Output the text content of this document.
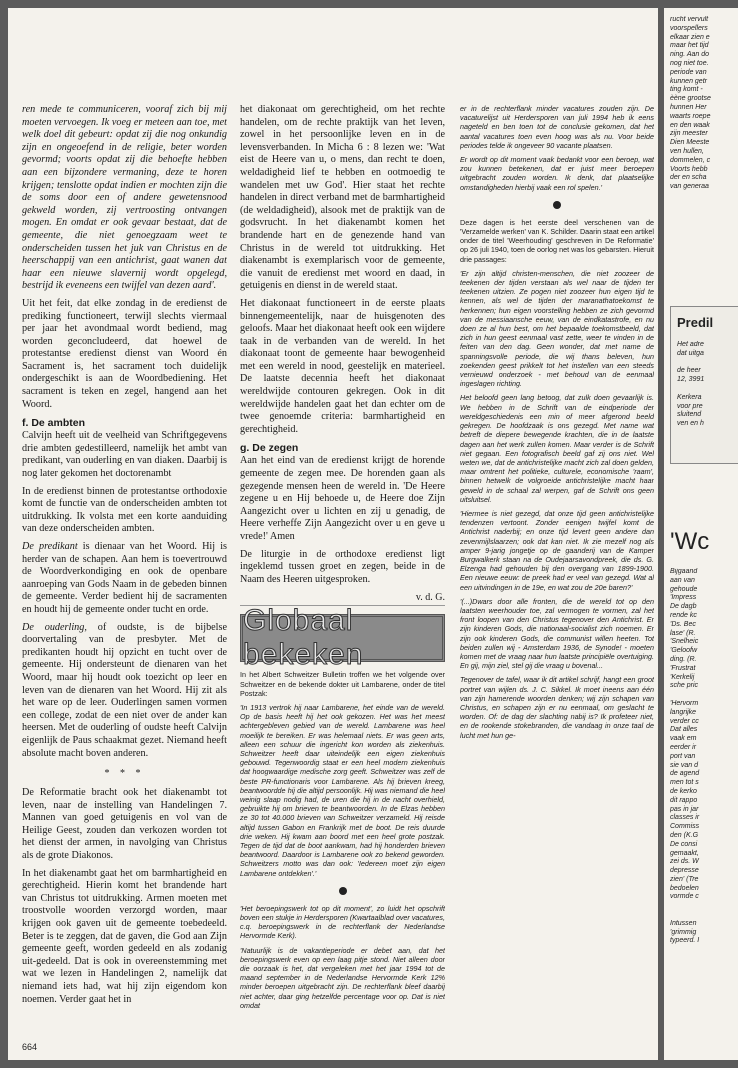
ren mede te communiceren, vooraf zich bij mij moeten vervoegen. Ik voeg er meteen aan toe, met welk doel dit gebeurt: opdat zij die nog onkundig zijn en ongeoefend in de religie, beter worden gevormd; voorts opdat zij die behoefte hebben aan een bijzondere vermaning, deze te horen krijgen; tenslotte opdat indien er mochten zijn die de soms door een of andere gewetensnood gekweld worden, zij vertroosting ontvangen mogen. En omdat er ook gevaar bestaat, dat de gemeente, die niet genoegzaam weet te onderscheiden tussen het juk van Christus en de heerschappij van een antichrist, gaat wanen dat haar een nieuwe slavernij wordt opgelegd, bestrijd ik eveneens een twijfel van dezen aard'.

Uit het feit, dat elke zondag in de eredienst de prediking functioneert, terwijl slechts viermaal per jaar het avondmaal wordt bediend, mag worden geconcludeerd, dat hoewel de protestantse eredienst dienst van Woord én Sacrament is, het sacrament toch duidelijk ondergeschikt is aan de Woordbediening. Het sacrament is teken en zegel, hangend aan het Woord.

f. De ambten

Calvijn heeft uit de veelheid van Schriftgegevens drie ambten gedestilleerd, namelijk het ambt van predikant, van ouderling en van diaken. Daarbij is nog later gekomen het doctorenambt

In de eredienst binnen de protestantse orthodoxie komt de functie van de onderscheiden ambten tot uitdrukking. Ik volsta met een korte aanduiding van deze onderscheiden ambten.

De predikant is dienaar van het Woord. Hij is herder van de schapen. Aan hem is toevertrouwd de Woordverkondiging en ook de openbare aanroeping van Gods Naam in de gebeden binnen de gemeente. Verder bedient hij de sacramenten en houdt hij de gemeente onder tucht en orde.

De ouderling, of oudste, is de bijbelse doorvertaling van de presbyter. Met de predikanten houdt hij opzicht en tucht over de gemeente. Hij ondersteunt de dienaren van het Woord, maar hij houdt ook toezicht op leer en leven van de dienaren van het Woord. Hij zit als het ware op de leer. Ouderlingen samen vormen een college, zodat de een niet over de ander kan heersen. Met de ouderling of oudste heeft Calvijn eigenlijk de Paus schaakmat gezet. Niemand heeft absolute macht boven anderen.

* * *

De Reformatie bracht ook het diakenambt tot leven, naar de instelling van Handelingen 7. Mannen van goed getuigenis en vol van de Heilige Geest, zouden dan verkozen worden tot het dienst der armen, in navolging van Christus als de grote Diakonos.

In het diakenambt gaat het om barmhartigheid en gerechtigheid. Hierin komt het brandende hart van Christus tot uitdrukking. Armen moeten met troostvolle woorden verzorgd worden, maar krijgen ook gaven uit de gemeente toebedeeld. Beter is te zeggen, dat de gaven, die God aan Zijn gemeente geeft, worden gedeeld en als zodanig uit-gedeeld. Dat is ook in overeenstemming met wat we lezen in Handelingen 2, namelijk dat niemand iets had, wat hij zijn eigendom kon noemen. Verder gaat het in

het diakonaat om gerechtigheid, om het rechte handelen, om de rechte praktijk van het leven, zowel in het persoonlijke leven en in de levensverbanden. In Micha 6 : 8 lezen we: 'Wat eist de Heere van u, o mens, dan recht te doen, weldadigheid lief te hebben en ootmoedig te wandelen met uw God'. Hier staat het rechte handelen in direct verband met de barmhartigheid (de weldadigheid), alsook met de praktijk van de godsvrucht. In het diakenambt komen het brandende hart en de genezende hand van Christus in de wereld tot uitdrukking. Het diakenambt is exemplarisch voor de gemeente, die vanuit de eredienst met woord en daad, in getuigenis en dienst in de wereld staat.

Het diakonaat functioneert in de eerste plaats binnengemeentelijk, naar de huisgenoten des geloofs. Maar het diakonaat heeft ook een wijdere taak in de verbanden van de wereld. In het diakonaat toont de gemeente haar bewogenheid met een wereld in nood, geestelijk en materieel. De laatste decennia heeft het diakonaat wereldwijde contouren gekregen. Ook in dit wereldwijde handelen gaat het dan echter om de twee genoemde criteria: barmhartigheid en gerechtigheid.

g. De zegen

Aan het eind van de eredienst krijgt de horende gemeente de zegen mee. De horenden gaan als gezegende mensen heen de wereld in. 'De Heere zegene u en Hij behoede u, de Heere doe Zijn Aangezicht over u lichten en zij u genadig, de Heere verheffe Zijn Aangezicht over u en geve u vrede!' Amen

De liturgie in de orthodoxe eredienst ligt ingeklemd tussen groet en zegen, beide in de Naam des Heeren uitgesproken.

v. d. G.
Globaal bekeken

In het Albert Schweitzer Bulletin troffen we het volgende over Schweitzer en de bekende dokter uit Lambarene, onder de titel Postzak:

'In 1913 vertrok hij naar Lambarene, het einde van de wereld. Op de basis heeft hij het ook gekozen. Het was het meest achtergebleven gebied van de wereld. Lambarene was heel moeilijk te bereiken. Er was helemaal niets. Er was geen arts, alleen een schuur die ingericht kon worden als ziekenhuis. Schweitzer heeft daar uiteindelijk een eigen ziekenhuis gebouwd. Tegenwoordig staat er een heel modern ziekenhuis dat hoogwaardige medische zorg geeft. Schweitzer was zelf de beste PR-functionaris voor Lambarene. Als hij brieven kreeg, beantwoordde hij die altijd persoonlijk. Hij was niemand die heel weinig slaap nodig had, de uren die hij in de nacht overhield, gebruikte hij om brieven te beantwoorden. In de Elzas hebben ze 30 tot 40.000 brieven van Schweitzer verzameld. Hij reisde altijd tussen Gabon en Frankrijk met de boot. De reis duurde drie weken. Hij kwam aan boord met een heel grote postzak. Tegen de tijd dat de boot aankwam, had hij honderden brieven beantwoord. Daardoor is Lambarene ook zo bekend geworden. Schweitzers motto was dan ook: 'Iedereen moet zijn eigen Lambarene ontdekken'.'

'Het beroepingswerk tot op dit moment', zo luidt het opschrift boven een stukje in Herdersporen (Kwartaalblad over vacatures, c.q. beroepingswerk in de rechterflank der Nederlandse Hervormde Kerk).

'Natuurlijk is de vakantieperiode er debet aan, dat het beroepingswerk even op een laag pitje stond. Niet alleen door die oorzaak is het, dat vergeleken met het jaar 1994 tot de maand september in de Nederlandse Hervormde Kerk 12% minder beroepen uitgebracht zijn. De rechterflank bleef daarbij niet achter, daar ging hetzelfde percentage voor op. Dat is niet omdat

er in de rechterflank minder vacatures zouden zijn. De vacaturelijst uit Herdersporen van juli 1994 heb ik eens nageteld en ben toen tot de conclusie gekomen, dat het aantal vacatures toen even hoog was als nu. Voor beide periodes telde ik ongeveer 90 vacante plaatsen.

Er wordt op dit moment vaak bedankt voor een beroep, wat zou kunnen betekenen, dat er juist meer beroepen uitgebracht zouden worden. Ik denk, dat plaatselijke omstandigheden hierbij vaak een rol spelen.'

Deze dagen is het eerste deel verschenen van de 'Verzamelde werken' van K. Schilder. Daarin staat een artikel onder de titel 'Weerhouding' geschreven in De Reformatie' op 26 juli 1940, toen de oorlog net was los gebarsten. Hieruit drie passages:

'Er zijn altijd christen-menschen, die niet zoozeer de teekenen der tijden verstaan als wel naar de tijden ter teekenen uitzien. Ze pogen niet zoozeer hun eigen tijd te kennen, als wel de tijden der maranathatoekomst te herkennen; hun eigen voorstelling hebben ze zich gevormd van de messiaansche eeuw, van de eindkatastrofe, en nu doen ze al hun best, om het bepaalde toekomstbeeld, dat zich in hun geest eenmaal vast zette, weer te vinden in de feiten van den dag. Geen wonder, dat met name de spanningsvolle periode, die wij thans beleven, hun zoekenden geest prikkelt tot het instellen van een steeds vernieuwd onderzoek - met behoud van de eenmaal ingeslagen richting.

Het beloofd geen lang betoog, dat zulk doen gevaarlijk is. We hebben in de Schrift van de eindperiode der wereldgeschiedenis een min of meer afgerond beeld gekregen. De hoofdzaak is ons gezegd. Met name wat betreft de diepere bewegende krachten, die in de laatste dagen aan het werk zullen komen. Maar verder is de Schrift niet gegaan. Een fotografisch beeld gaf zij ons niet. Wel weten we, dat de antichristelijke macht zich zal doen gelden, maar omtrent het politieke, culturele, economische 'raam', binnen hetwelk de volgroeide antichristelijke macht haar geweld in de schaal zal werpen, gaf de Schrift ons geen uitsluitsel.

'Hiermee is niet gezegd, dat onze tijd geen antichristelijke tendenzen vertoont. Zonder eenigen twijfel komt de Antichrist naderbij; en onze tijd levert geen andere dan zevenmijlslaarzen; ook dat kan niet. Ik zie mezelf nog als amper 9-jarig jongetje op de gaanderij van de Kamper Burgwalkerk staan na de Oudejaarsavondpreek, die ds. G. Elzenga had gehouden bij den overgang van 1899-1900. Een nieuwe eeuw: de preek had er veel van gezegd. Wat al een uitvindingen in de 19e, en wat zou de 20e baren?'

'(...)Dwars door alle fronten, die de wereld tot op den laatsten weerhouder toe, zal vermogen te vormen, zal het front loopen van den Christus tegenover den Antichrist. Er zijn kinderen Gods, die nationaal-socialist zich noemen. Er zijn ook kinderen Gods, die communist willen heeten. Tot beiden zullen wij - Amsterdam 1936, de Synode! - moeten komen met de vraag naar hun laatste principiële overtuiging. En gij, mijn ziel, stel gij die vraag u bovenal...

Tegenover de tafel, waar ik dit artikel schrijf, hangt een groot portret van wijlen ds. J. C. Sikkel. Ik moet ineens aan één van zijn hamerende woorden denken; wij zijn schapen van Christus, en schapen zijn er nu eenmaal, om geslacht te worden. Of: de dag der slachting nabij is? Ik profeteer niet, en de rookende stokebranden, die vandaag in onze taal de lucht met hun ge-

664
rucht vervult
voorspellers
elkaar zien e
maar het tijd
ning. Aan do
nog niet toe.
periode van
kunnen getr
ting komt -
èène grootse
hunnen Her
waarts roepe
en den waak
zijn meester
Dien Meeste
ven hullen,
dommelen, c
Voorts hebb
der en scha
van generaa
Predil
Het adre
dat uitga

de heer
12, 3991

Kerkera
voor pre
sluitend
ven en h
'Wc
Bijgaand
aan van
gehoude
'Impress
De dagb
rende kc
'Ds. Bec
lase' (R.
'Snelheic
'Geloofw
ding. (R.
'Frustrat
'Kerkelij
sche pric

'Hervorm
langrijke
verder cc
Dat alles
vaak em
eerder ir
port van
sie van d
de agend
men tot s
de kerko
dit rappo
pas in jar
classes ir
Commiss
den (K.G
De consi
gemaakt,
zei ds. W
depresse
zien' (Tre
bedoelen
vormde c

Intussen
'grimmig
typeerd. I
